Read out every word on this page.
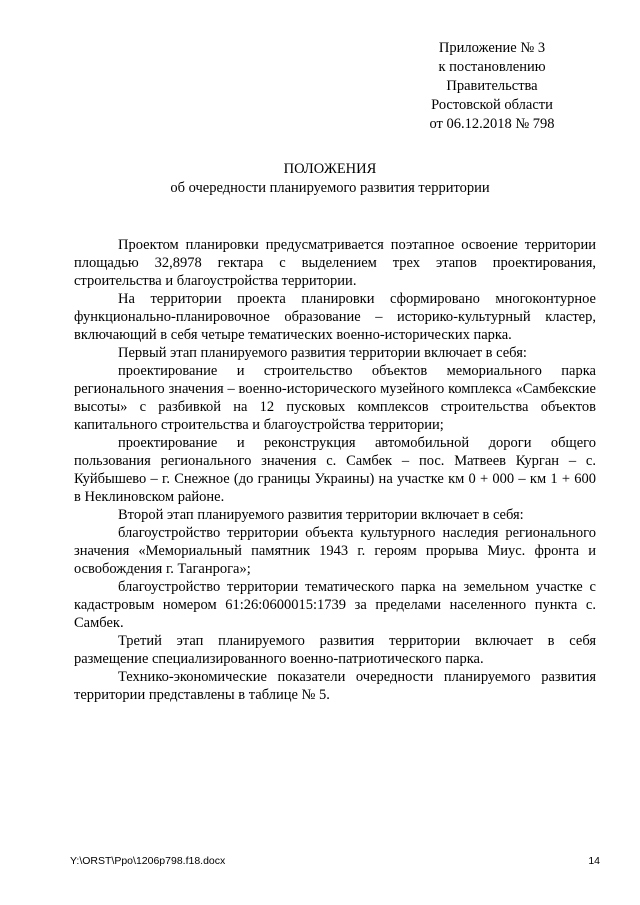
Приложение № 3
к постановлению
Правительства
Ростовской области
от 06.12.2018 № 798
ПОЛОЖЕНИЯ
об очередности планируемого развития территории

Проектом планировки предусматривается поэтапное освоение территории площадью 32,8978 гектара с выделением трех этапов проектирования, строительства и благоустройства территории.

На территории проекта планировки сформировано многоконтурное функционально-планировочное образование – историко-культурный кластер, включающий в себя четыре тематических военно-исторических парка.

Первый этап планируемого развития территории включает в себя:

проектирование и строительство объектов мемориального парка регионального значения – военно-исторического музейного комплекса «Самбекские высоты» с разбивкой на 12 пусковых комплексов строительства объектов капитального строительства и благоустройства территории;

проектирование и реконструкция автомобильной дороги общего пользования регионального значения с. Самбек – пос. Матвеев Курган – с. Куйбышево – г. Снежное (до границы Украины) на участке км 0 + 000 – км 1 + 600 в Неклиновском районе.

Второй этап планируемого развития территории включает в себя:

благоустройство территории объекта культурного наследия регионального значения «Мемориальный памятник 1943 г. героям прорыва Миус. фронта и освобождения г. Таганрога»;

благоустройство территории тематического парка на земельном участке с кадастровым номером 61:26:0600015:1739 за пределами населенного пункта с. Самбек.

Третий этап планируемого развития территории включает в себя размещение специализированного военно-патриотического парка.

Технико-экономические показатели очередности планируемого развития территории представлены в таблице № 5.

Y:\ORST\Ppo\1206p798.f18.docx	14
